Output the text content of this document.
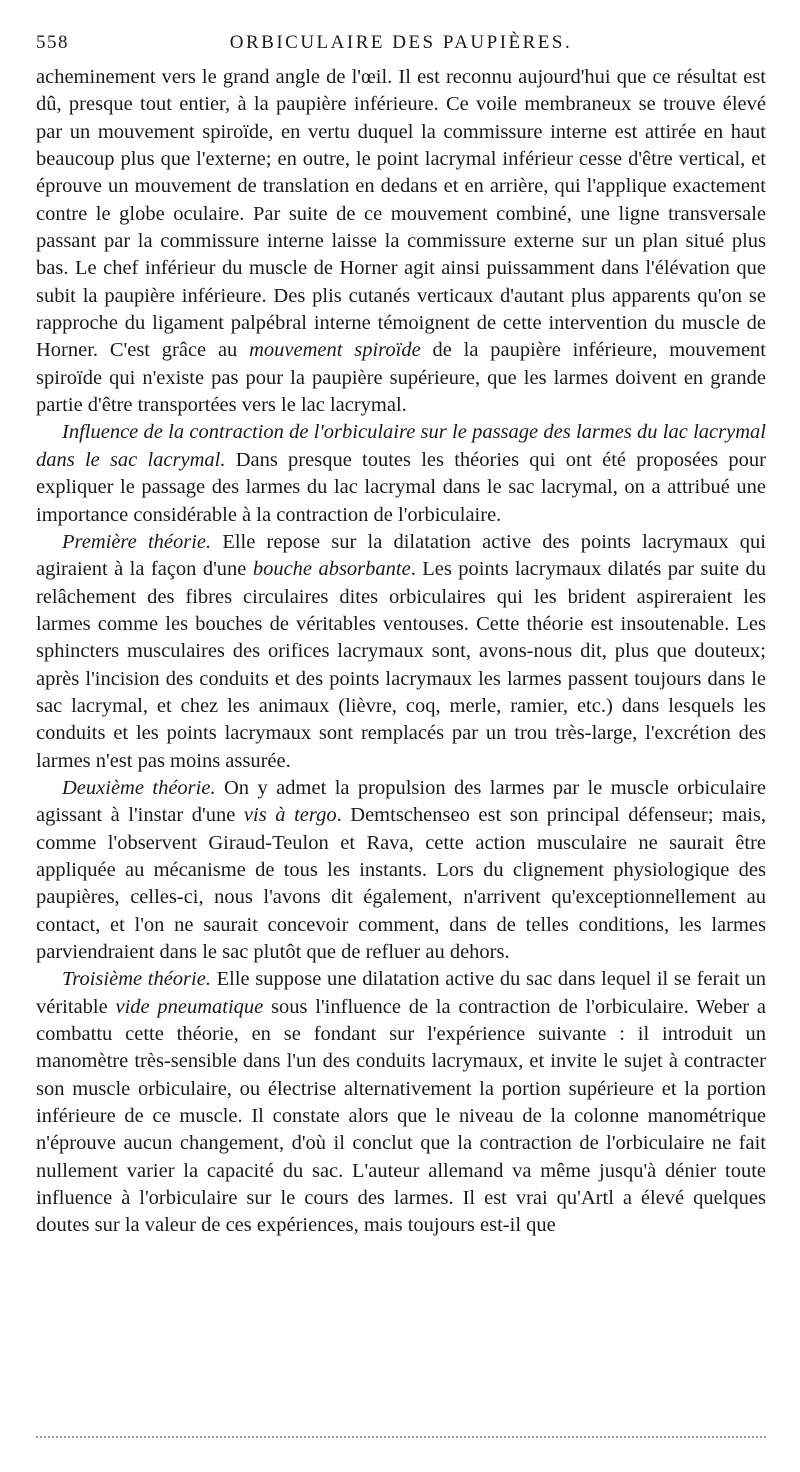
558	ORBICULAIRE DES PAUPIÈRES.

acheminement vers le grand angle de l'œil. Il est reconnu aujourd'hui que ce résultat est dû, presque tout entier, à la paupière inférieure. Ce voile membraneux se trouve élevé par un mouvement spiroïde, en vertu duquel la commissure interne est attirée en haut beaucoup plus que l'externe; en outre, le point lacrymal inférieur cesse d'être vertical, et éprouve un mouvement de translation en dedans et en arrière, qui l'applique exactement contre le globe oculaire. Par suite de ce mouvement combiné, une ligne transversale passant par la commissure interne laisse la commissure externe sur un plan situé plus bas. Le chef inférieur du muscle de Horner agit ainsi puissamment dans l'élévation que subit la paupière inférieure. Des plis cutanés verticaux d'autant plus apparents qu'on se rapproche du ligament palpébral interne témoignent de cette intervention du muscle de Horner. C'est grâce au mouvement spiroïde de la paupière inférieure, mouvement spiroïde qui n'existe pas pour la paupière supérieure, que les larmes doivent en grande partie d'être transportées vers le lac lacrymal.

Influence de la contraction de l'orbiculaire sur le passage des larmes du lac lacrymal dans le sac lacrymal. Dans presque toutes les théories qui ont été proposées pour expliquer le passage des larmes du lac lacrymal dans le sac lacrymal, on a attribué une importance considérable à la contraction de l'orbiculaire.

Première théorie. Elle repose sur la dilatation active des points lacrymaux qui agiraient à la façon d'une bouche absorbante. Les points lacrymaux dilatés par suite du relâchement des fibres circulaires dites orbiculaires qui les brident aspireraient les larmes comme les bouches de véritables ventouses. Cette théorie est insoutenable. Les sphincters musculaires des orifices lacrymaux sont, avons-nous dit, plus que douteux; après l'incision des conduits et des points lacrymaux les larmes passent toujours dans le sac lacrymal, et chez les animaux (lièvre, coq, merle, ramier, etc.) dans lesquels les conduits et les points lacrymaux sont remplacés par un trou très-large, l'excrétion des larmes n'est pas moins assurée.

Deuxième théorie. On y admet la propulsion des larmes par le muscle orbiculaire agissant à l'instar d'une vis à tergo. Demtschenseo est son principal défenseur; mais, comme l'observent Giraud-Teulon et Rava, cette action musculaire ne saurait être appliquée au mécanisme de tous les instants. Lors du clignement physiologique des paupières, celles-ci, nous l'avons dit également, n'arrivent qu'exceptionnellement au contact, et l'on ne saurait concevoir comment, dans de telles conditions, les larmes parviendraient dans le sac plutôt que de refluer au dehors.

Troisième théorie. Elle suppose une dilatation active du sac dans lequel il se ferait un véritable vide pneumatique sous l'influence de la contraction de l'orbiculaire. Weber a combattu cette théorie, en se fondant sur l'expérience suivante : il introduit un manomètre très-sensible dans l'un des conduits lacrymaux, et invite le sujet à contracter son muscle orbiculaire, ou électrise alternativement la portion supérieure et la portion inférieure de ce muscle. Il constate alors que le niveau de la colonne manométrique n'éprouve aucun changement, d'où il conclut que la contraction de l'orbiculaire ne fait nullement varier la capacité du sac. L'auteur allemand va même jusqu'à dénier toute influence à l'orbiculaire sur le cours des larmes. Il est vrai qu'Artl a élevé quelques doutes sur la valeur de ces expériences, mais toujours est-il que
